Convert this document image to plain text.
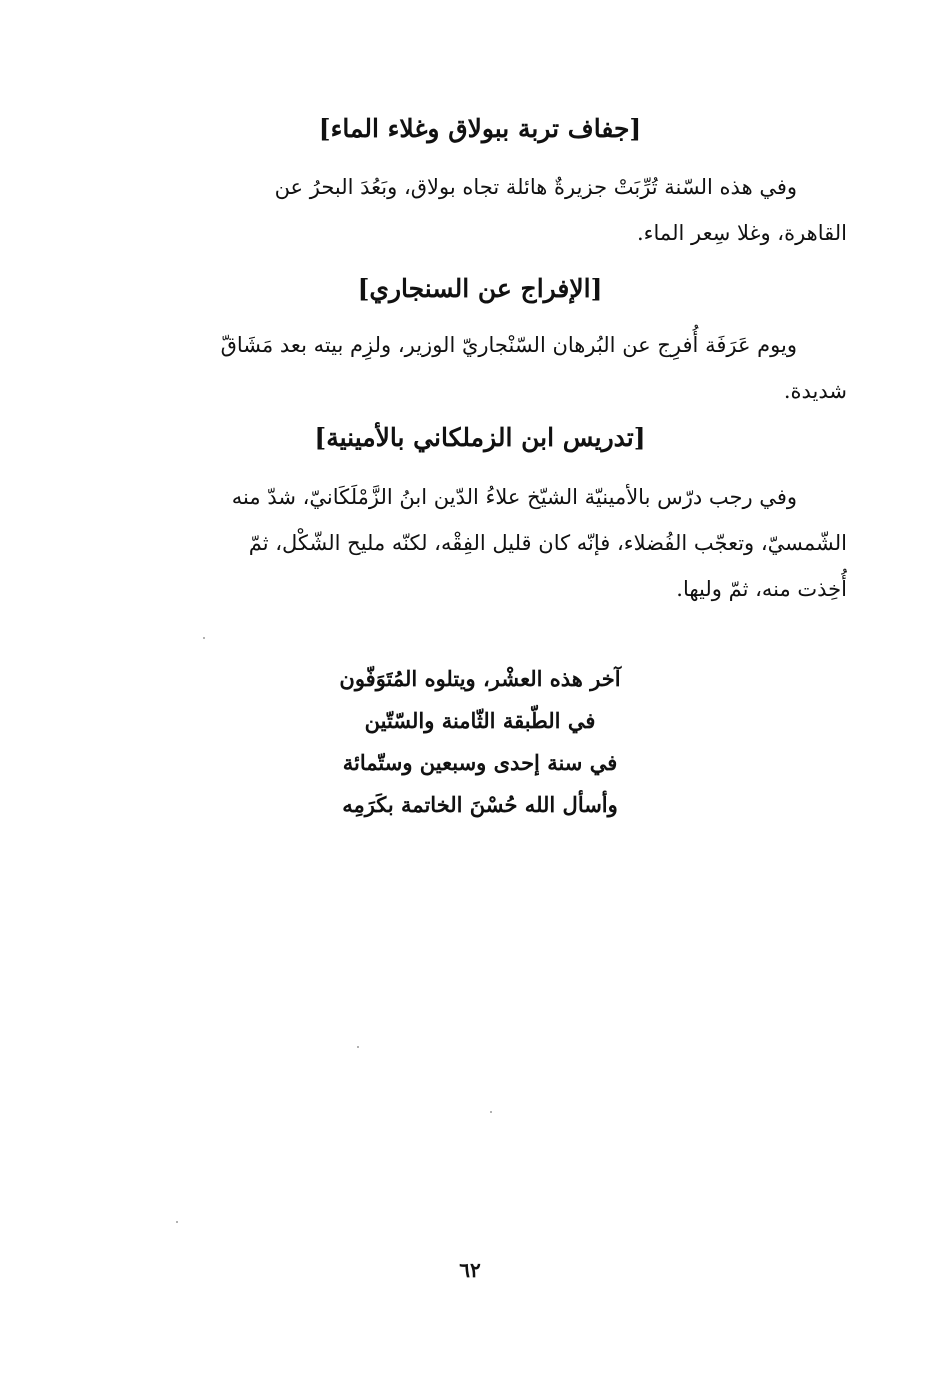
[جفاف تربة ببولاق وغلاء الماء]
وفي هذه السّنة تُرِّبَتْ جزيرةٌ هائلة تجاه بولاق، وبَعُدَ البحرُ عن
القاهرة، وغلا سِعر الماء.
[الإفراج عن السنجاري]
ويوم عَرَفَة أُفرِج عن البُرهان السّنْجاريّ الوزير، ولزِم بيته بعد مَشَاقّ
شديدة.
[تدريس ابن الزملكاني بالأمينية]
وفي رجب درّس بالأمينيّة الشيّخ علاءُ الدّين ابنُ الزَّمْلَكَانيّ، شدّ منه
الشّمسيّ، وتعجّب الفُضلاء، فإنّه كان قليل الفِقْه، لكنّه مليح الشّكْل، ثمّ
أُخِذت منه، ثمّ وليها.
آخر هذه العشْر، ويتلوه المُتَوَفّون
في الطّبقة الثّامنة والسّتّين
في سنة إحدى وسبعين وستّمائة
وأسأل الله حُسْنَ الخاتمة بكَرَمِه
٦٢
